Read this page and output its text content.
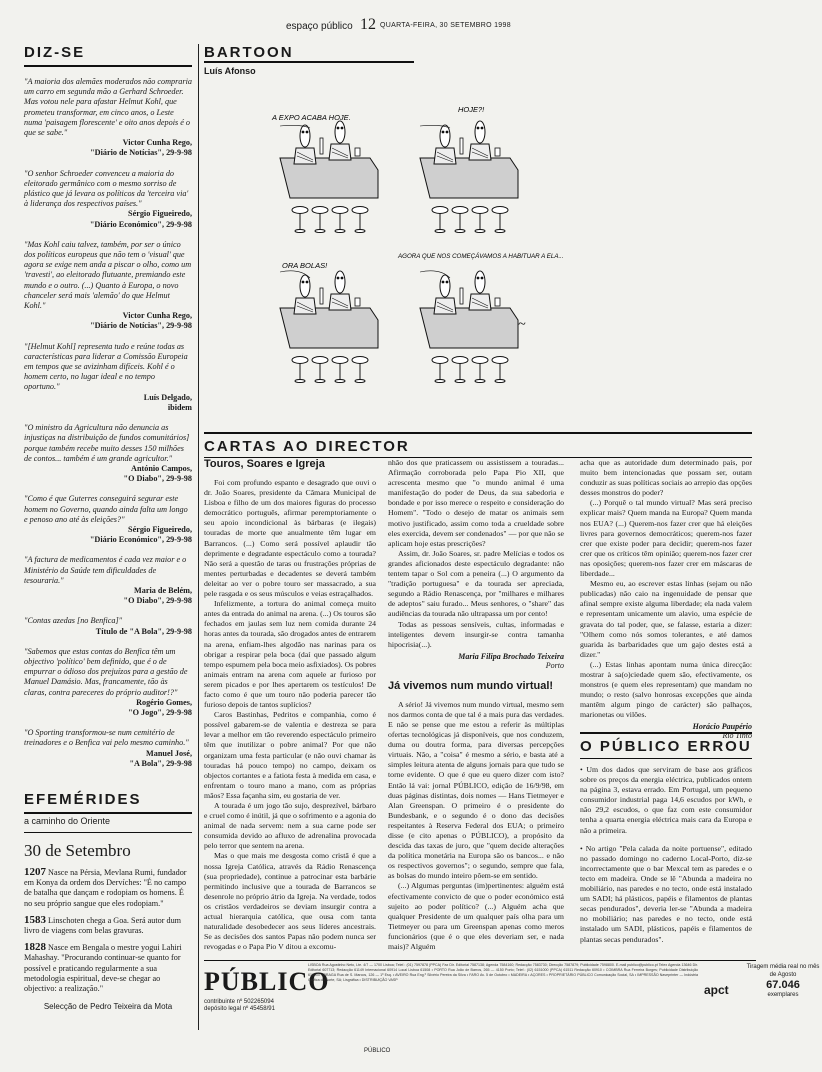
espaço público 12 QUARTA-FEIRA, 30 SETEMBRO 1998
DIZ-SE
"A maioria dos alemães moderados não compraria um carro em segunda mão a Gerhard Schroeder. Mas votou nele para afastar Helmut Kohl, que prometeu transformar, em cinco anos, o Leste numa 'paisagem florescente' e oito anos depois é o que se sabe."
Victor Cunha Rego,
"Diário de Notícias", 29-9-98
"O senhor Schroeder convenceu a maioria do eleitorado germânico com o mesmo sorriso de plástico que já levara os políticos da 'terceira via' à liderança dos respectivos países."
Sérgio Figueiredo,
"Diário Económico", 29-9-98
"Mas Kohl caiu talvez, também, por ser o único dos políticos europeus que não tem o 'visual' que agora se exige nem anda a piscar o olho, como um 'travesti', ao eleitorado flutuante, premiando este mundo e o outro. (...) Quanto à Europa, o novo chanceler será mais 'alemão' do que Helmut Kohl."
Victor Cunha Rego,
"Diário de Notícias", 29-9-98
"[Helmut Kohl] representa tudo e reúne todas as características para liderar a Comissão Europeia em tempos que se avizinham difíceis. Kohl é o homem certo, no lugar ideal e no tempo oportuno."
Luís Delgado,
ibidem
"O ministro da Agricultura não denuncia as injustiças na distribuição de fundos comunitários] porque também recebe muito desses 150 milhões de contos... também é um grande agricultor."
António Campos,
"O Diabo", 29-9-98
"Como é que Guterres conseguirá segurar este homem no Governo, quando ainda falta um longo e penoso ano até às eleições?"
Sérgio Figueiredo,
"Diário Económico", 29-9-98
"A factura de medicamentos é cada vez maior e o Ministério da Saúde tem dificuldades de tesouraria."
Maria de Belém,
"O Diabo", 29-9-98
"Contas azedas [no Benfica]"
Título de "A Bola", 29-9-98
"Sabemos que estas contas do Benfica têm um objectivo 'político' bem definido, que é o de empurrar o ódioso dos prejuízos para a gestão de Manuel Damásio. Mas, francamente, tão às claras, contra pareceres do próprio auditor!?"
Rogério Gomes,
"O Jogo", 29-9-98
"O Sporting transformou-se num cemitério de treinadores e o Benfica vai pelo mesmo caminho."
Manuel José,
"A Bola", 29-9-98
EFEMÉRIDES
a caminho do Oriente
30 de Setembro
1207 Nasce na Pérsia, Mevlana Rumi, fundador em Konya da ordem dos Dervíches: "É no campo de batalha que dançam e rodopiam os homens. É no seu próprio sangue que eles rodopiam."
1583 Linschoten chega a Goa. Será autor dum livro de viagens com belas gravuras.
1828 Nasce em Bengala o mestre yogui Lahiri Mahashay. "Procurando continuar-se quanto for possível e praticando regularmente a sua metodologia espiritual, deve-se chegar ao objectivo: a realização."
Selecção de Pedro Teixeira da Mota
BARTOON
Luís Afonso
A EXPO ACABA HOJE.
HOJE?!
ORA BOLAS!
AGORA QUE NOS COMEÇÁVAMOS A HABITUAR A ELA...
~
CARTAS AO DIRECTOR
Touros, Soares e Igreja

Foi com profundo espanto e desagrado que ouvi o dr. João Soares, presidente da Câmara Municipal de Lisboa e filho de um dos maiores figuras do processo democrático português, afirmar peremptoriamente o seu apoio incondicional às bárbaras (e ilegais) touradas de morte que anualmente têm lugar em Barrancos. (...) Como será possível aplaudir tão deprimente e degradante espectáculo como a tourada? Não será a questão de taras ou frustrações próprias de mentes perturbadas e decadentes se deverá também deleitar ao ver o pobre touro ser massacrado, a sua pele rasgada e os seus músculos e veias estraçalhados.

Infelizmente, a tortura do animal começa muito antes da entrada do animal na arena. (...) Os touros são fechados em jaulas sem luz nem comida durante 24 horas antes da tourada, são drogados antes de entrarem na arena, enfiam-lhes algodão nas narinas para os obrigar a respirar pela boca (daí que passado algum tempo espumem pela boca meio asfixiados). Os pobres animais entram na arena com aquele ar furioso por serem picados e por lhes apertarem os testículos! De facto como é que um touro não poderia parecer tão furioso depois de tantos suplícios?

Caros Bastinhas, Pedritos e companhia, como é possível gabarem-se de valentia e destreza se para levar a melhor em tão reverendo espectáculo primeiro têm que inutilizar o pobre animal? Por que não organizam uma festa particular (e não ouvi chamar às touradas há pouco tempo) no campo, deixam os objectos cortantes e a fatiota festa à medida em casa, e enfrentam o touro mano a mano, com as próprias mãos? Essa façanha sim, eu gostaria de ver.

A tourada é um jogo tão sujo, desprezível, bárbaro e cruel como é inútil, já que o sofrimento e a agonia do animal de nada servem: nem a sua carne pode ser consumida devido ao afluxo de adrenalina provocada pelo terror que sentem na arena.

Mas o que mais me desgosta como cristã é que a nossa Igreja Católica, através da Rádio Renascença (sua propriedade), continue a patrocinar esta barbárie permitindo inclusive que a tourada de Barrancos se desenrole no próprio átrio da Igreja. Na verdade, todos os cristãos verdadeiros se deviam insurgir contra a actual hierarquia católica, que ousa com tanta naturalidade desobedecer aos seus líderes ancestrais. Se as decisões dos santos Papas não podem nunca ser revogadas e o Papa Pio V ditou a excomu-

nhão dos que praticassem ou assistissem a touradas... Afirmação corroborada pelo Papa Pio XII, que acrescenta mesmo que "o mundo animal é uma manifestação do poder de Deus, da sua sabedoria e bondade e por isso merece o respeito e consideração do Homem". "Todo o desejo de matar os animais sem motivo justificado, assim como toda a crueldade sobre eles exercida, devem ser condenados" — por que não se aplicam hoje estas prescrições?

Assim, dr. João Soares, sr. padre Melícias e todos os grandes aficionados deste espectáculo degradante: não tentem tapar o Sol com a peneira (...) O argumento da "tradição portuguesa" e da tourada ser apreciada, segundo a Rádio Renascença, por "milhares e milhares de adeptos" saiu furado... Meus senhores, o "share" das audiências da tourada não ultrapassa um por cento!

Todas as pessoas sensíveis, cultas, informadas e inteligentes devem insurgir-se contra tamanha hipocrisia(...).

Maria Filipa Brochado Teixeira
Porto
Já vivemos num mundo virtual!

A sério! Já vivemos num mundo virtual, mesmo sem nos darmos conta de que tal é a mais pura das verdades. E não se pense que me estou a referir às múltiplas ofertas tecnológicas já disponíveis, que nos conduzem, duma ou doutra forma, para diversas percepções virtuais. Não, a "coisa" é mesmo a sério, e basta até a simples leitura atenta de alguns jornais para que tudo se torne evidente. O que é que eu quero dizer com isto? Então lá vai: jornal PÚBLICO, edição de 16/9/98, em duas páginas distintas, dois nomes — Hans Tietmeyer e Alan Greenspan. O primeiro é o presidente do Bundesbank, e o segundo é o dono das decisões respeitantes à Reserva Federal dos EUA; o primeiro disse (e cito apenas o PÚBLICO), a propósito da descida das taxas de juro, que "quem decide alterações da política monetária na Europa são os bancos... e não os respectivos governos"; o segundo, sempre que fala, as bolsas do mundo inteiro põem-se em sentido.

(...) Algumas perguntas (im)pertinentes: alguém está efectivamente convicto de que o poder económico está sujeito ao poder político? (...) Alguém acha que qualquer Presidente de um qualquer país olha para um Tietmeyer ou para um Greenspan apenas como meros funcionários (que é o que eles deveriam ser, e nada mais)? Alguém

acha que as autoridade dum determinado país, por muito bem intencionadas que possam ser, outam conduzir as suas políticas sociais ao arrepio das opções desses monstros do poder?

(...) Porquê o tal mundo virtual? Mas será preciso explicar mais? Quem manda na Europa? Quem manda nos EUA? (...) Querem-nos fazer crer que há eleições livres para governos democráticos; querem-nos fazer crer que existe poder para decidir; querem-nos fazer crer que os críticos têm opinião; querem-nos fazer crer nas oposições; querem-nos fazer crer em máscaras de liberdade...

Mesmo eu, ao escrever estas linhas (sejam ou não publicadas) não caio na ingenuidade de pensar que afinal sempre existe alguma liberdade; ela nada valem e representam unicamente um alavio, uma espécie de gravata do tal poder, que, se falasse, estaria a dizer: "Olhem como nós somos tolerantes, e até damos guarida às barbaridades que um gajo destes está a dizer."

(...) Estas linhas apontam numa única direcção: mostrar à sa(o)ciedade quem são, efectivamente, os monstros (e quem eles representam) que mandam no mundo; o resto (salvo honrosas excepções que ainda mantêm algum pingo de carácter) são palhaços, marionetas ou vilões.

Horácio Paupério
Rio Tinto
O PÚBLICO ERROU

• Um dos dados que serviram de base aos gráficos sobre os preços da energia eléctrica, publicados ontem na página 3, estava errado. Em Portugal, um pequeno consumidor industrial paga 14,6 escudos por kWh, e não 29,2 escudos, o que faz com este consumidor tenha a quarta energia eléctrica mais cara da Europa e não a primeira.

• No artigo "Pela calada da noite portuense", editado no passado domingo no caderno Local-Porto, diz-se incorrectamente que o bar Mexcal tem as paredes e o tecto em madeira. Onde se lê "Abunda a madeira no mobiliário, nas paredes e no tecto, onde está instalado um SADI; há plásticos, papéis e filamentos de plantas secas pendurados", deveria ler-se "Abunda a madeira no mobiliário; nas paredes e no tecto, onde está instalado um SADI, plásticos, papéis e filamentos de plantas secas pendurados".

PÚBLICO
contribuinte nº 502265094
depósito legal nº 45458/91
LISBOA Rua Agostinho Neto, Lte. 4/7 — 1700 Lisboa; Telef.: (01) 7597878 (PPCA) Fax Dir. Editorial 7587138; Agenda 7584160; Redacção 7583730; Direcção 7587879; Publicidade 7598800. E-mail publico@publico.pt Telex Agenda 13646 Dir. Editorial 607713; Redacção 61149 Internacional 60914 Local Lisboa 61508 • PORTO Rua João de Barros, 265 — 4150 Porto; Telef.: (02) 6151000 (PPCA) 61511 Redacção 60910 • COIMBRA Rua Ferreira Borges; Publicidade Distribuição 616000 • BRAGA Rua de S. Marcos, 126 — 1º Esq. • AVEIRO Rua Eng.º Silvério Pereira da Silva • FARO Av. 5 de Outubro • MADEIRA • AÇORES • PROPRIETÁRIO PÚBLICO Comunicação Social, SA • IMPRESSÃO Naveprinter — Indústria Gráfica do Norte, SA; Lisgráfica • DISTRIBUIÇÃO VASP
apct
Tiragem média real no mês de Agosto
67.046
exemplares
PÚBLICO
